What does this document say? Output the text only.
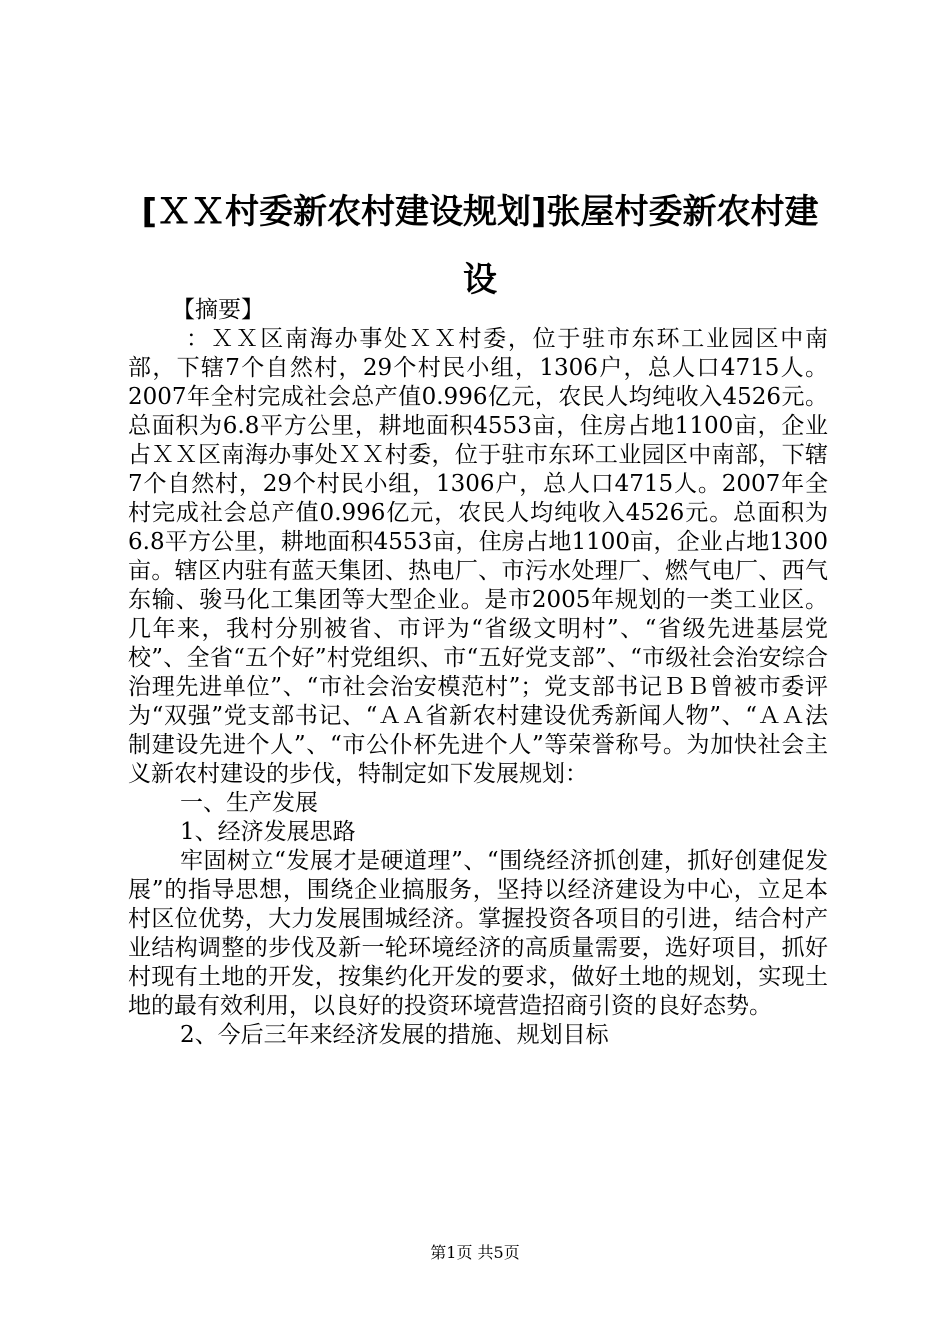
[ＸＸ村委新农村建设规划]张屋村委新农村建设

【摘要】

：ＸＸ区南海办事处ＸＸ村委，位于驻市东环工业园区中南部，下辖7个自然村，29个村民小组，1306户，总人口4715人。2007年全村完成社会总产值0.996亿元，农民人均纯收入4526元。总面积为6.8平方公里，耕地面积4553亩，住房占地1100亩，企业占ＸＸ区南海办事处ＸＸ村委，位于驻市东环工业园区中南部，下辖7个自然村，29个村民小组，1306户，总人口4715人。2007年全村完成社会总产值0.996亿元，农民人均纯收入4526元。总面积为6.8平方公里，耕地面积4553亩，住房占地1100亩，企业占地1300亩。辖区内驻有蓝天集团、热电厂、市污水处理厂、燃气电厂、西气东输、骏马化工集团等大型企业。是市2005年规划的一类工业区。几年来，我村分别被省、市评为“省级文明村”、“省级先进基层党校”、全省“五个好”村党组织、市“五好党支部”、“市级社会治安综合治理先进单位”、“市社会治安模范村”；党支部书记ＢＢ曾被市委评为“双强”党支部书记、“ＡＡ省新农村建设优秀新闻人物”、“ＡＡ法制建设先进个人”、“市公仆杯先进个人”等荣誉称号。为加快社会主义新农村建设的步伐，特制定如下发展规划：

一、生产发展

1、经济发展思路

牢固树立“发展才是硬道理”、“围绕经济抓创建，抓好创建促发展”的指导思想，围绕企业搞服务，坚持以经济建设为中心，立足本村区位优势，大力发展围城经济。掌握投资各项目的引进，结合村产业结构调整的步伐及新一轮环境经济的高质量需要，选好项目，抓好村现有土地的开发，按集约化开发的要求，做好土地的规划，实现土地的最有效利用，以良好的投资环境营造招商引资的良好态势。

2、今后三年来经济发展的措施、规划目标

第1页 共5页
